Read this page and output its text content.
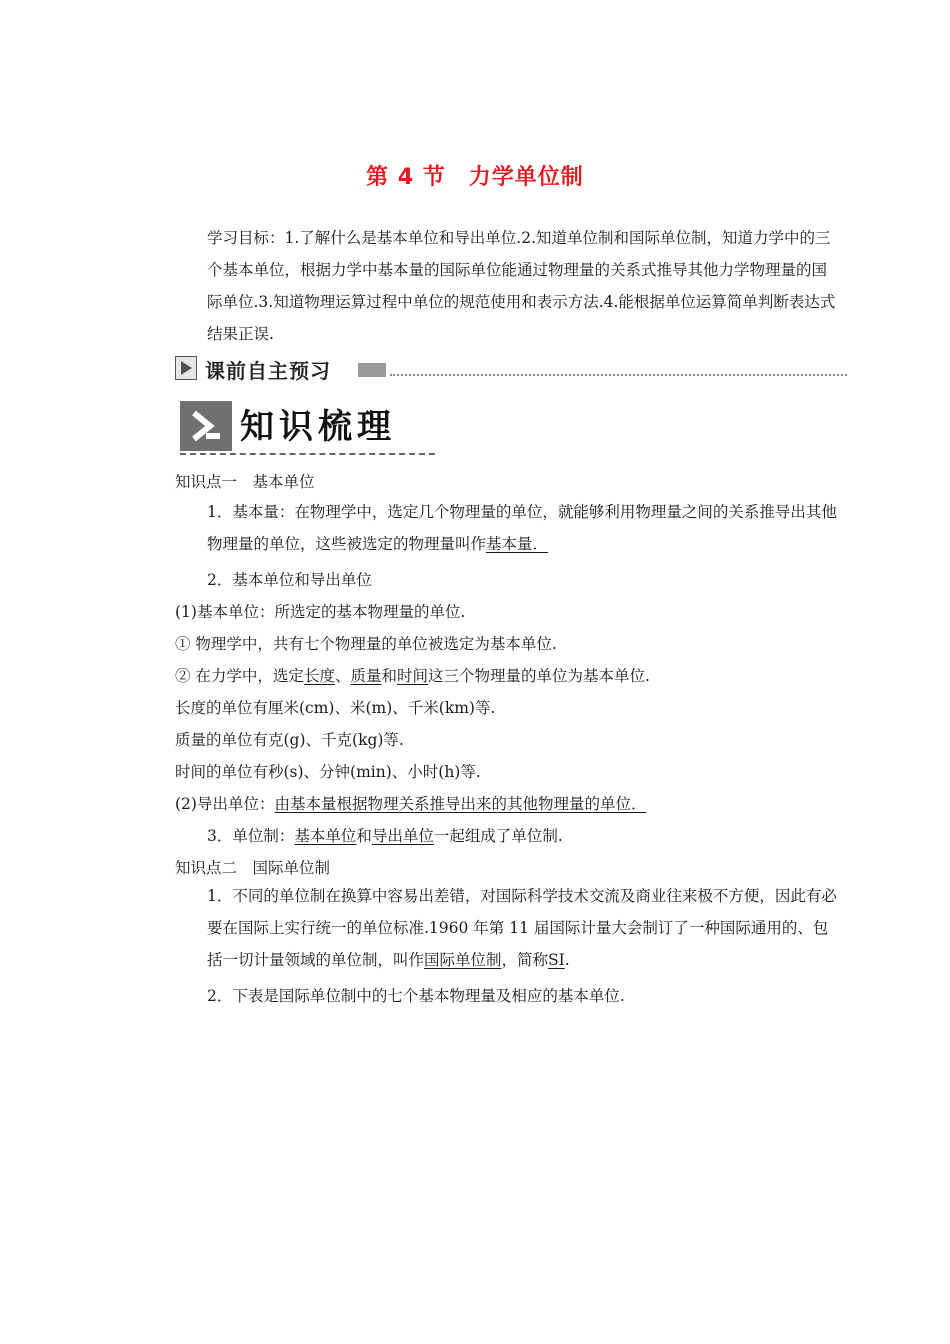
第 4 节　力学单位制
学习目标：1.了解什么是基本单位和导出单位.2.知道单位制和国际单位制，知道力学中的三个基本单位，根据力学中基本量的国际单位能通过物理量的关系式推导其他力学物理量的国际单位.3.知道物理运算过程中单位的规范使用和表示方法.4.能根据单位运算简单判断表达式结果正误.
课前自主预习
知识梳理
知识点一　基本单位
1．基本量：在物理学中，选定几个物理量的单位，就能够利用物理量之间的关系推导出其他物理量的单位，这些被选定的物理量叫作基本量．
2．基本单位和导出单位
(1)基本单位：所选定的基本物理量的单位.
① 物理学中，共有七个物理量的单位被选定为基本单位.
② 在力学中，选定长度、质量和时间这三个物理量的单位为基本单位.
长度的单位有厘米(cm)、米(m)、千米(km)等.
质量的单位有克(g)、千克(kg)等.
时间的单位有秒(s)、分钟(min)、小时(h)等.
(2)导出单位：由基本量根据物理关系推导出来的其他物理量的单位．
3．单位制：基本单位和导出单位一起组成了单位制.
知识点二　国际单位制
1．不同的单位制在换算中容易出差错，对国际科学技术交流及商业往来极不方便，因此有必要在国际上实行统一的单位标准.1960 年第 11 届国际计量大会制订了一种国际通用的、包括一切计量领域的单位制，叫作国际单位制，简称SI.
2．下表是国际单位制中的七个基本物理量及相应的基本单位.
